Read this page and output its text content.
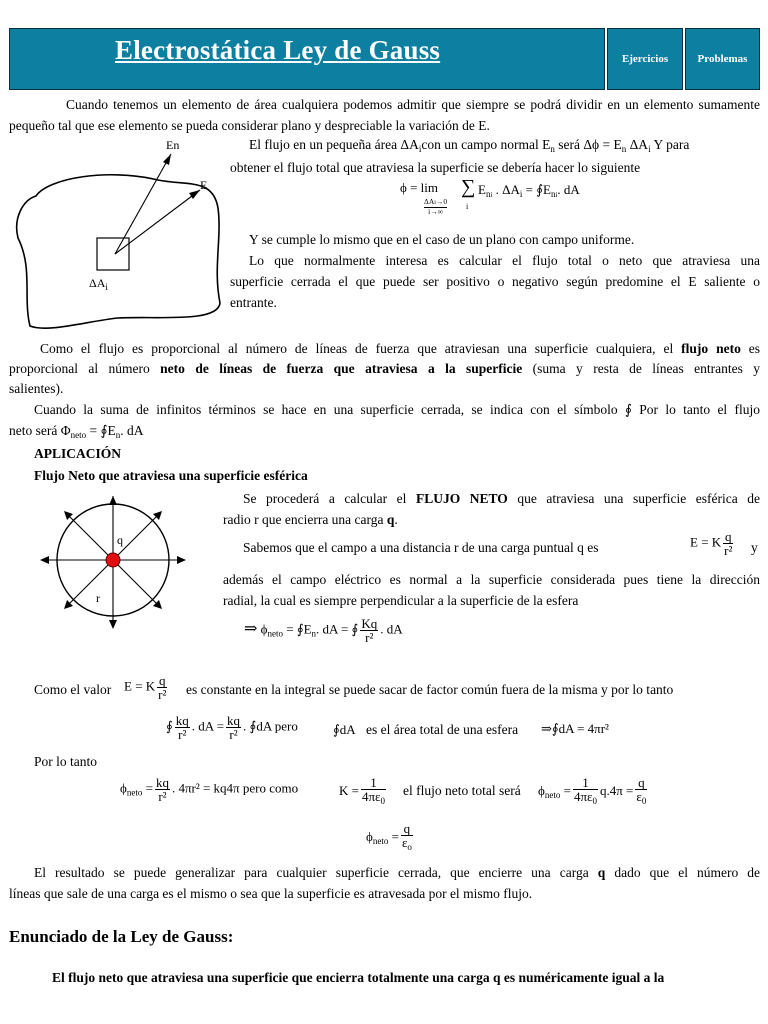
Electrostática Ley de Gauss	Ejercicios	Problemas
Cuando tenemos un elemento de área cualquiera podemos admitir que siempre se podrá dividir en un elemento sumamente pequeño tal que ese elemento se pueda considerar plano y despreciable la variación de E.
En
E
$\Delta A_i$
El flujo en un pequeña área $\Delta A_icon$ un campo normal $E_n$ será $\Delta\phi = E_n$ $\Delta A_i$ Y para
obtener el flujo total que atraviesa la superficie se debería hacer lo siguiente
ϕ = lim
ΔAi→0
i→∞
∑
i
$E_{ni}$ . $\Delta A_i$ = $∮E_{ni}$. dA
Y se cumple lo mismo que en el caso de un plano con campo uniforme.
Lo que normalmente interesa es calcular el flujo total o neto que atraviesa una
superficie cerrada el que puede ser positivo o negativo según predomine el E saliente o
entrante.
Como el flujo es proporcional al número de líneas de fuerza que atraviesan una superficie cualquiera, el flujo neto es
proporcional al número neto de líneas de fuerza que atraviesa a la superficie (suma y resta de líneas entrantes y
salientes).
Cuando la suma de infinitos términos se hace en una superficie cerrada, se indica con el símbolo ∮ Por lo tanto el flujo
neto será $\Phi_{neto}$ = $∮E_n$. dA
APLICACIÓN
Flujo Neto que atraviesa una superficie esférica
q
r
Se procederá a calcular el FLUJO NETO que atraviesa una superficie esférica de
radio r que encierra una carga q.
Sabemos que el campo a una distancia r de una carga puntual q es	E = K $\frac{q}{\text{r²}}$ y
además el campo eléctrico es normal a la superficie considerada pues tiene la dirección
radial, la cual es siempre perpendicular a la superficie de la esfera
⇒ $\phi_{neto}$ = $∮E_n$. dA = ∮ $\frac{Kq}{\text{r²}}$ . dA
Como el valor E = K $\frac{q}{\text{r²}}$ es constante en la integral se puede sacar de factor común fuera de la misma y por lo tanto
∮ $\frac{kq}{\text{r²}}$ . dA = $\frac{kq}{\text{r²}}$ . ∮dA pero	∮dA es el área total de una esfera ⇒∮dA = 4πr²
Por lo tanto
$\phi_{neto} = \frac{kq}{\text{r²}}$ . 4πr² = kq4π pero como	$K = \frac{1}{4\pi\varepsilon_0}$ el flujo neto total será $\phi_{neto} = \frac{1}{4\pi\varepsilon_0} q.4\pi = \frac{q}{\varepsilon_0}$
$\phi_{neto} = \frac{q}{\varepsilon_o}$
El resultado se puede generalizar para cualquier superficie cerrada, que encierre una carga q dado que el número de
líneas que sale de una carga es el mismo o sea que la superficie es atravesada por el mismo flujo.
Enunciado de la Ley de Gauss:
El flujo neto que atraviesa una superficie que encierra totalmente una carga q es numéricamente igual a la
